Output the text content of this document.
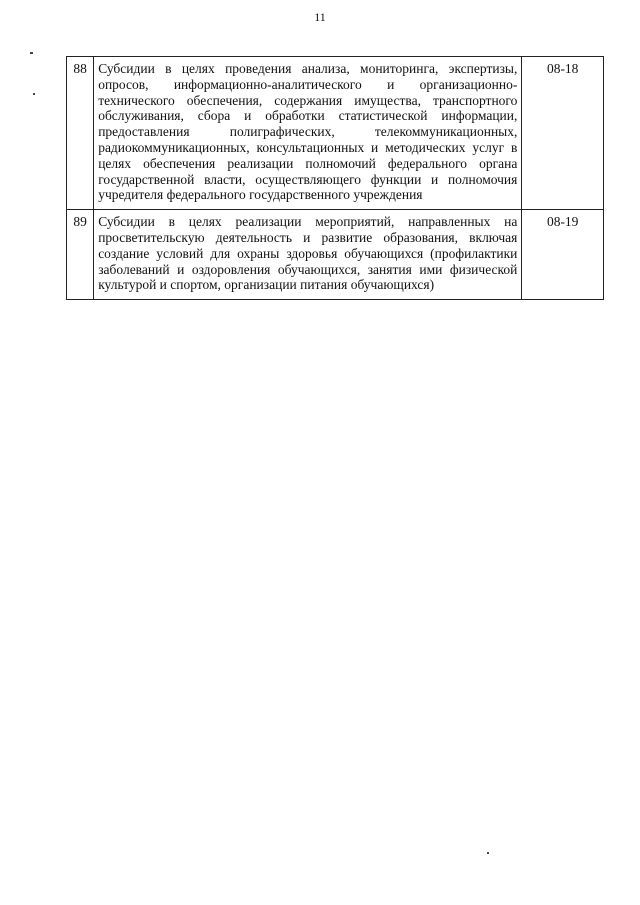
11
88	Субсидии в целях проведения анализа, мониторинга, экспертизы, опросов, информационно-аналитического и организационно-технического обеспечения, содержания имущества, транспортного обслуживания, сбора и обработки статистической информации, предоставления полиграфических, телекоммуникационных, радиокоммуникационных, консультационных и методических услуг в целях обеспечения реализации полномочий федерального органа государственной власти, осуществляющего функции и полномочия учредителя федерального государственного учреждения	08-18
89	Субсидии в целях реализации мероприятий, направленных на просветительскую деятельность и развитие образования, включая создание условий для охраны здоровья обучающихся (профилактики заболеваний и оздоровления обучающихся, занятия ими физической культурой и спортом, организации питания обучающихся)	08-19
